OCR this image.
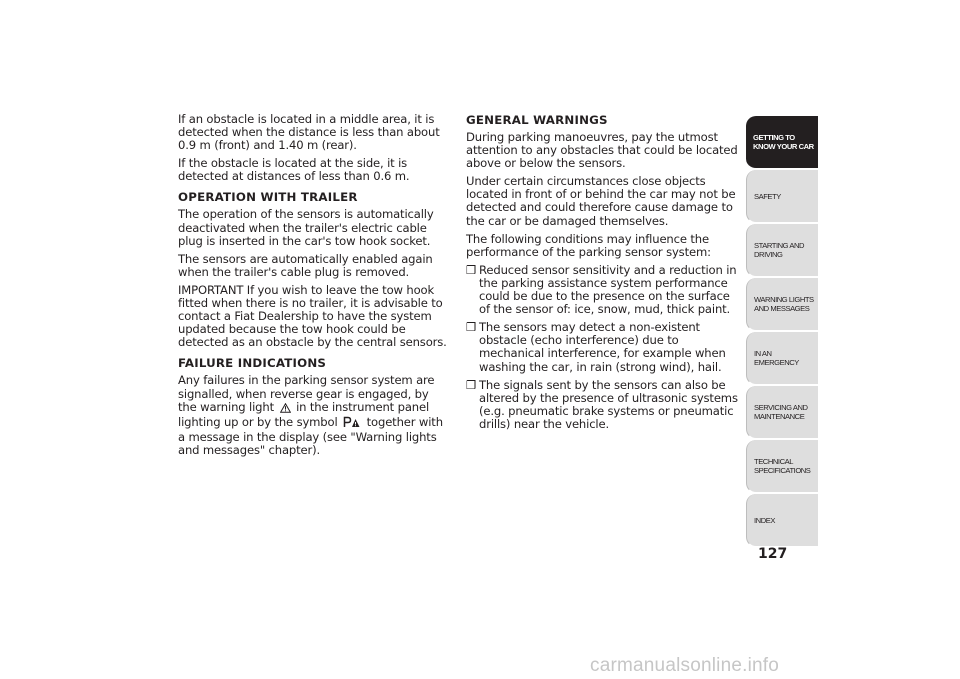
If an obstacle is located in a middle area, it is detected when the distance is less than about 0.9 m (front) and 1.40 m (rear).

If the obstacle is located at the side, it is detected at distances of less than 0.6 m.

OPERATION WITH TRAILER

The operation of the sensors is automatically deactivated when the trailer's electric cable plug is inserted in the car's tow hook socket.

The sensors are automatically enabled again when the trailer's cable plug is removed.

IMPORTANT If you wish to leave the tow hook fitted when there is no trailer, it is advisable to contact a Fiat Dealership to have the system updated because the tow hook could be detected as an obstacle by the central sensors.

FAILURE INDICATIONS

Any failures in the parking sensor system are signalled, when reverse gear is engaged, by the warning light in the instrument panel lighting up or by the symbol	together with a message in the display (see "Warning lights and messages" chapter).

GENERAL WARNINGS

During parking manoeuvres, pay the utmost attention to any obstacles that could be located above or below the sensors.

Under certain circumstances close objects located in front of or behind the car may not be detected and could therefore cause damage to the car or be damaged themselves.

The following conditions may influence the performance of the parking sensor system:

❒ Reduced sensor sensitivity and a reduction in the parking assistance system performance could be due to the presence on the surface of the sensor of: ice, snow, mud, thick paint.
❒ The sensors may detect a non-existent obstacle (echo interference) due to mechanical interference, for example when washing the car, in rain (strong wind), hail.
❒ The signals sent by the sensors can also be altered by the presence of ultrasonic systems (e.g. pneumatic brake systems or pneumatic drills) near the vehicle.
GETTING TO KNOW YOUR CAR
SAFETY
STARTING AND DRIVING
WARNING LIGHTS AND MESSAGES
IN AN EMERGENCY
SERVICING AND MAINTENANCE
TECHNICAL SPECIFICATIONS
INDEX
127
carmanualsonline.info
